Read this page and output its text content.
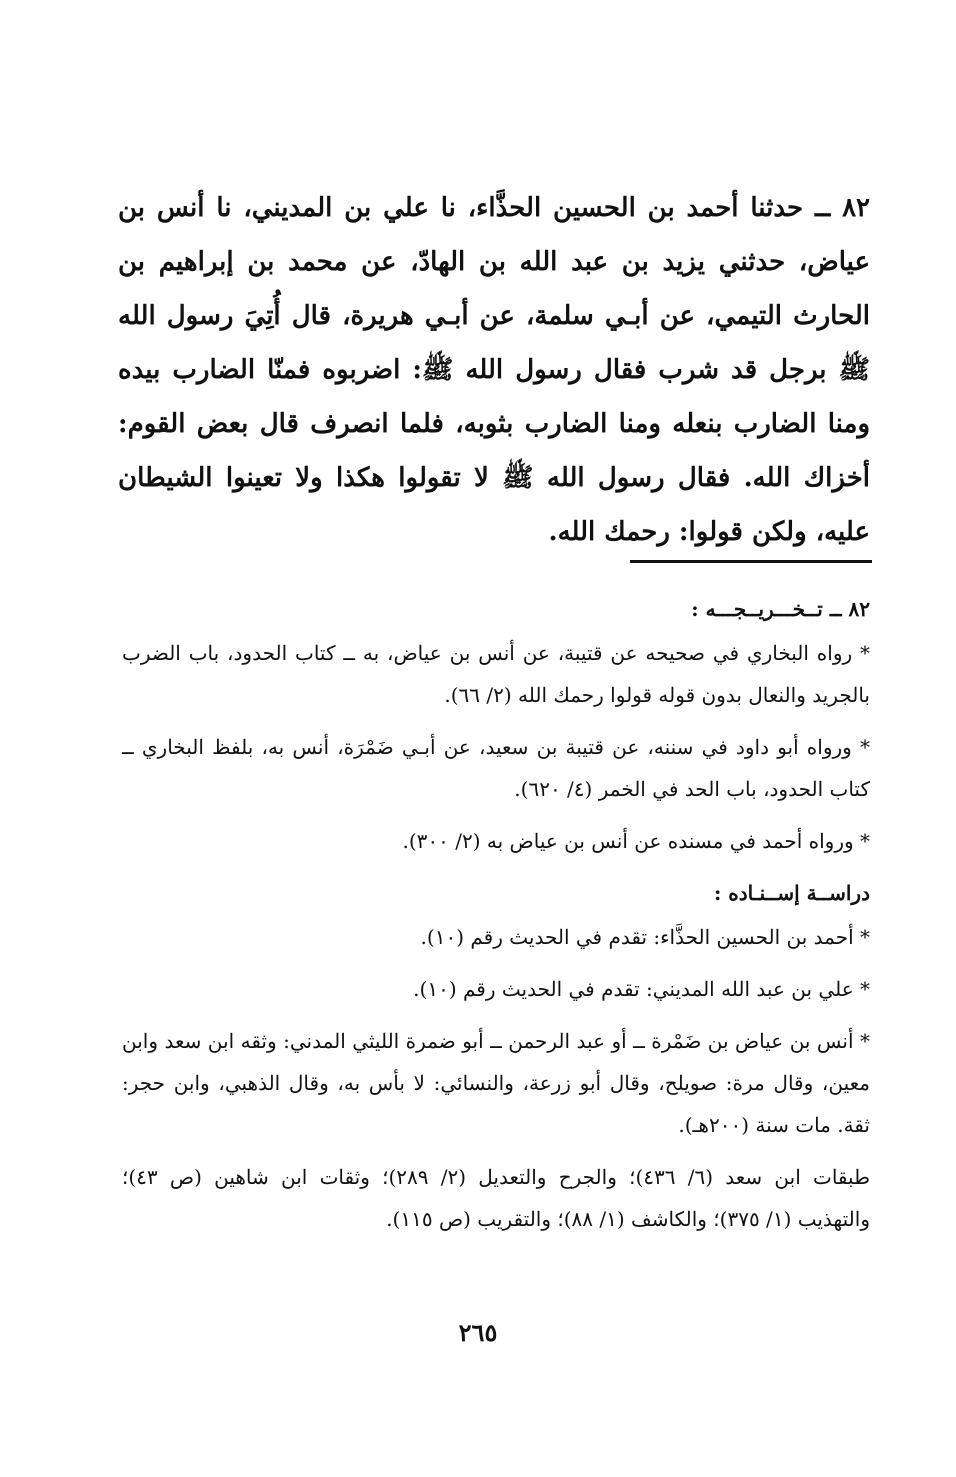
٨٢ ــ حدثنا أحمد بن الحسين الحذَّاء، نا علي بن المديني، نا أنس بن عياض، حدثني يزيد بن عبد الله بن الهادّ، عن محمد بن إبراهيم بن الحارث التيمي، عن أبـي سلمة، عن أبـي هريرة، قال أُتِيَ رسول الله ﷺ برجل قد شرب فقال رسول الله ﷺ: اضربوه فمنّا الضارب بيده ومنا الضارب بنعله ومنا الضارب بثوبه، فلما انصرف قال بعض القوم: أخزاك الله. فقال رسول الله ﷺ لا تقولوا هكذا ولا تعينوا الشيطان عليه، ولكن قولوا: رحمك الله.

٨٢ ــ تــخـــريــجـــه :

* رواه البخاري في صحيحه عن قتيبة، عن أنس بن عياض، به ــ كتاب الحدود، باب الضرب بالجريد والنعال بدون قوله قولوا رحمك الله (٢/ ٦٦).

* ورواه أبو داود في سننه، عن قتيبة بن سعيد، عن أبـي ضَمْرَة، أنس به، بلفظ البخاري ــ كتاب الحدود، باب الحد في الخمر (٤/ ٦٢٠).

* ورواه أحمد في مسنده عن أنس بن عياض به (٢/ ٣٠٠).

دراســة إســنـاده :

* أحمد بن الحسين الحذَّاء: تقدم في الحديث رقم (١٠).

* علي بن عبد الله المديني: تقدم في الحديث رقم (١٠).

* أنس بن عياض بن ضَمْرة ــ أو عبد الرحمن ــ أبو ضمرة الليثي المدني: وثقه ابن سعد وابن معين، وقال مرة: صويلح، وقال أبو زرعة، والنسائي: لا بأس به، وقال الذهبي، وابن حجر: ثقة. مات سنة (٢٠٠هـ).

طبقات ابن سعد (٦/ ٤٣٦)؛ والجرح والتعديل (٢/ ٢٨٩)؛ وثقات ابن شاهين (ص ٤٣)؛ والتهذيب (١/ ٣٧٥)؛ والكاشف (١/ ٨٨)؛ والتقريب (ص ١١٥).

٢٦٥
